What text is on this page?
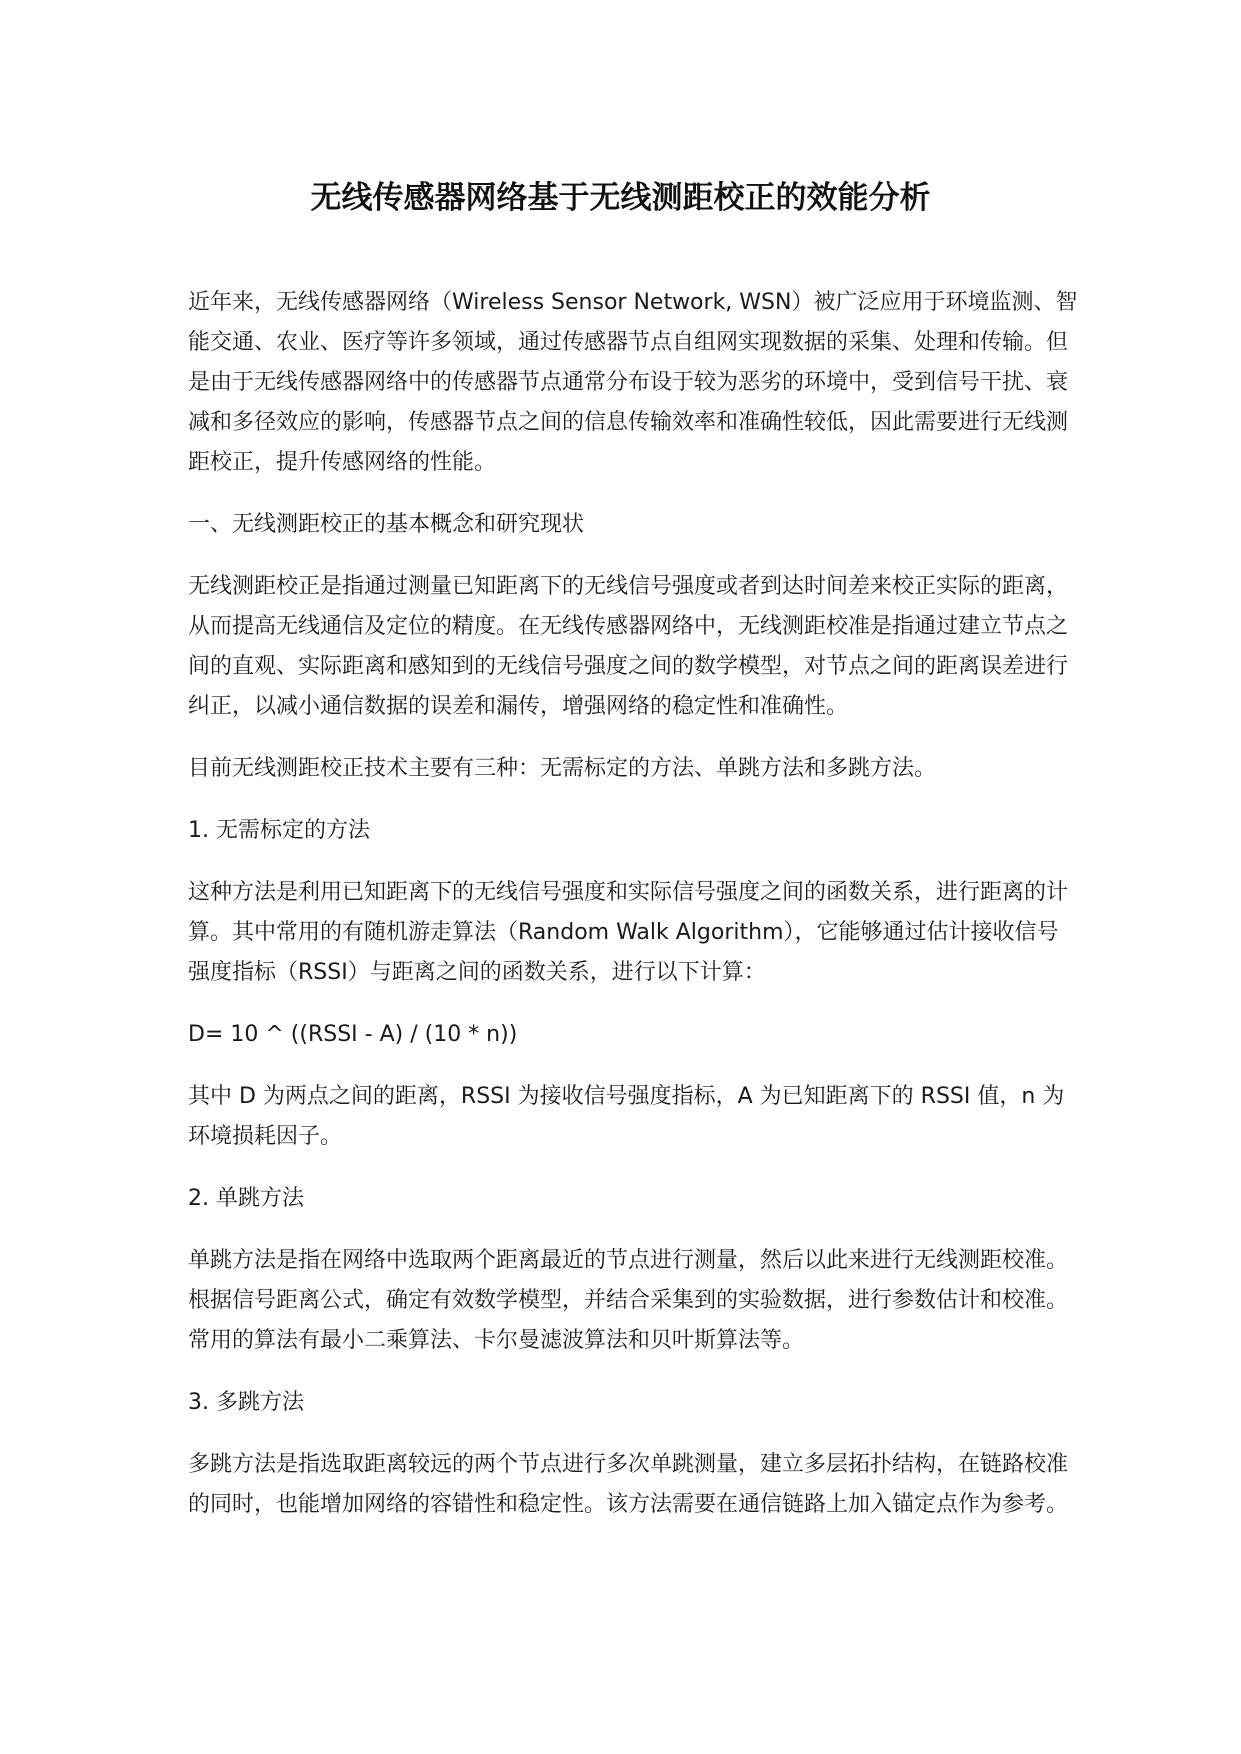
无线传感器网络基于无线测距校正的效能分析

近年来，无线传感器网络（Wireless Sensor Network, WSN）被广泛应用于环境监测、智能交通、农业、医疗等许多领域，通过传感器节点自组网实现数据的采集、处理和传输。但是由于无线传感器网络中的传感器节点通常分布设于较为恶劣的环境中，受到信号干扰、衰减和多径效应的影响，传感器节点之间的信息传输效率和准确性较低，因此需要进行无线测距校正，提升传感网络的性能。

一、无线测距校正的基本概念和研究现状

无线测距校正是指通过测量已知距离下的无线信号强度或者到达时间差来校正实际的距离，从而提高无线通信及定位的精度。在无线传感器网络中，无线测距校准是指通过建立节点之间的直观、实际距离和感知到的无线信号强度之间的数学模型，对节点之间的距离误差进行纠正，以减小通信数据的误差和漏传，增强网络的稳定性和准确性。

目前无线测距校正技术主要有三种：无需标定的方法、单跳方法和多跳方法。

1. 无需标定的方法

这种方法是利用已知距离下的无线信号强度和实际信号强度之间的函数关系，进行距离的计算。其中常用的有随机游走算法（Random Walk Algorithm），它能够通过估计接收信号强度指标（RSSI）与距离之间的函数关系，进行以下计算：

D= 10 ^ ((RSSI - A) / (10 * n))

其中 D 为两点之间的距离，RSSI 为接收信号强度指标，A 为已知距离下的 RSSI 值，n 为环境损耗因子。

2. 单跳方法

单跳方法是指在网络中选取两个距离最近的节点进行测量，然后以此来进行无线测距校准。根据信号距离公式，确定有效数学模型，并结合采集到的实验数据，进行参数估计和校准。常用的算法有最小二乘算法、卡尔曼滤波算法和贝叶斯算法等。

3. 多跳方法

多跳方法是指选取距离较远的两个节点进行多次单跳测量，建立多层拓扑结构，在链路校准的同时，也能增加网络的容错性和稳定性。该方法需要在通信链路上加入锚定点作为参考。
